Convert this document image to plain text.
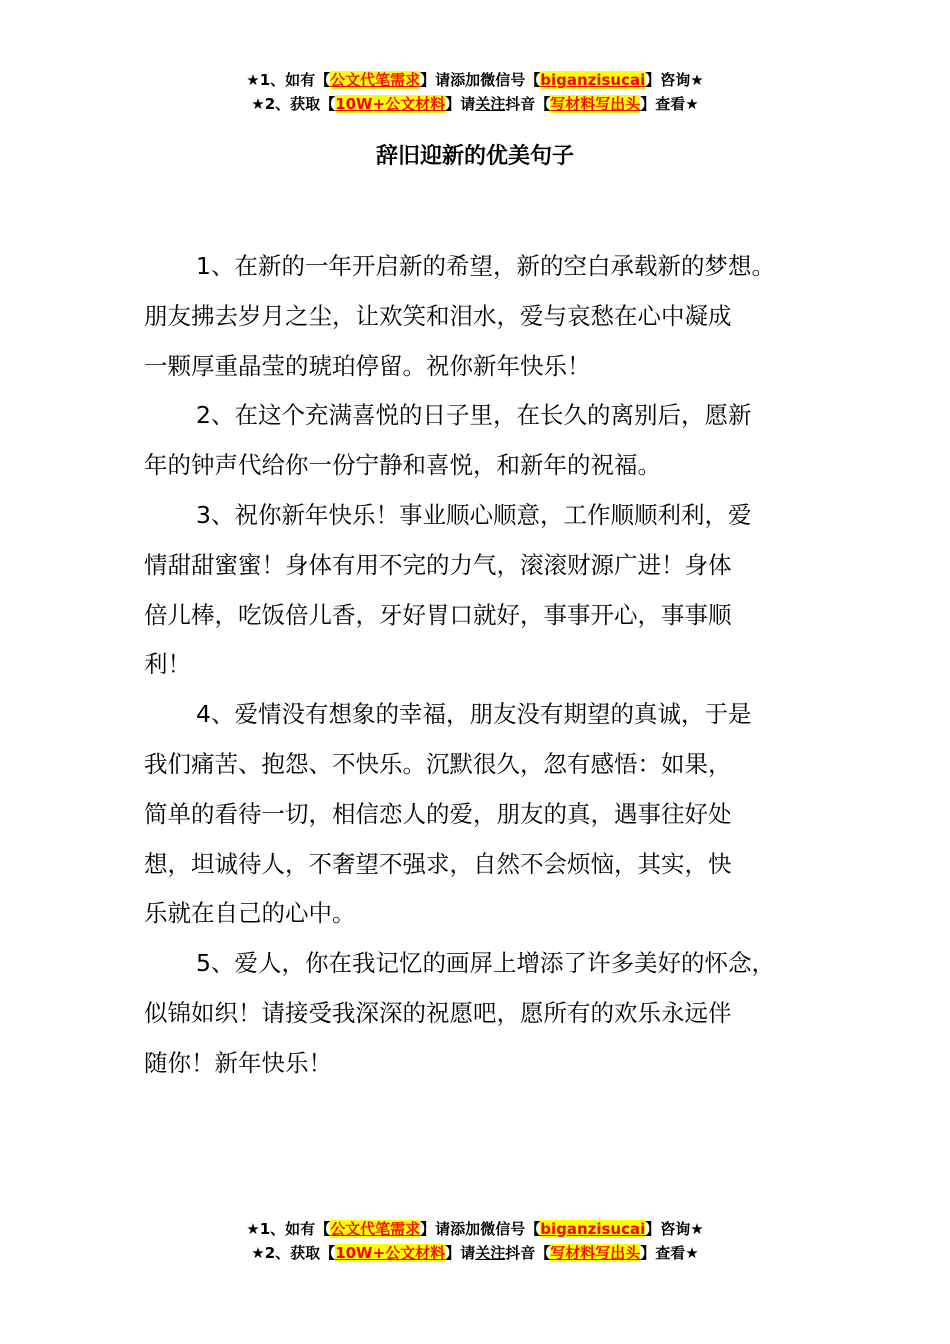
★1、如有【公文代笔需求】请添加微信号【biganzisucai】咨询★
★2、获取【10W+公文材料】请关注抖音【写材料写出头】查看★
辞旧迎新的优美句子
1、在新的一年开启新的希望，新的空白承载新的梦想。
朋友拂去岁月之尘，让欢笑和泪水，爱与哀愁在心中凝成
一颗厚重晶莹的琥珀停留。祝你新年快乐！
2、在这个充满喜悦的日子里，在长久的离别后，愿新
年的钟声代给你一份宁静和喜悦，和新年的祝福。
3、祝你新年快乐！事业顺心顺意，工作顺顺利利，爱
情甜甜蜜蜜！身体有用不完的力气，滚滚财源广进！身体
倍儿棒，吃饭倍儿香，牙好胃口就好，事事开心，事事顺
利！
4、爱情没有想象的幸福，朋友没有期望的真诚，于是
我们痛苦、抱怨、不快乐。沉默很久，忽有感悟：如果，
简单的看待一切，相信恋人的爱，朋友的真，遇事往好处
想，坦诚待人，不奢望不强求，自然不会烦恼，其实，快
乐就在自己的心中。
5、爱人，你在我记忆的画屏上增添了许多美好的怀念，
似锦如织！请接受我深深的祝愿吧，愿所有的欢乐永远伴
随你！新年快乐！
★1、如有【公文代笔需求】请添加微信号【biganzisucai】咨询★
★2、获取【10W+公文材料】请关注抖音【写材料写出头】查看★
